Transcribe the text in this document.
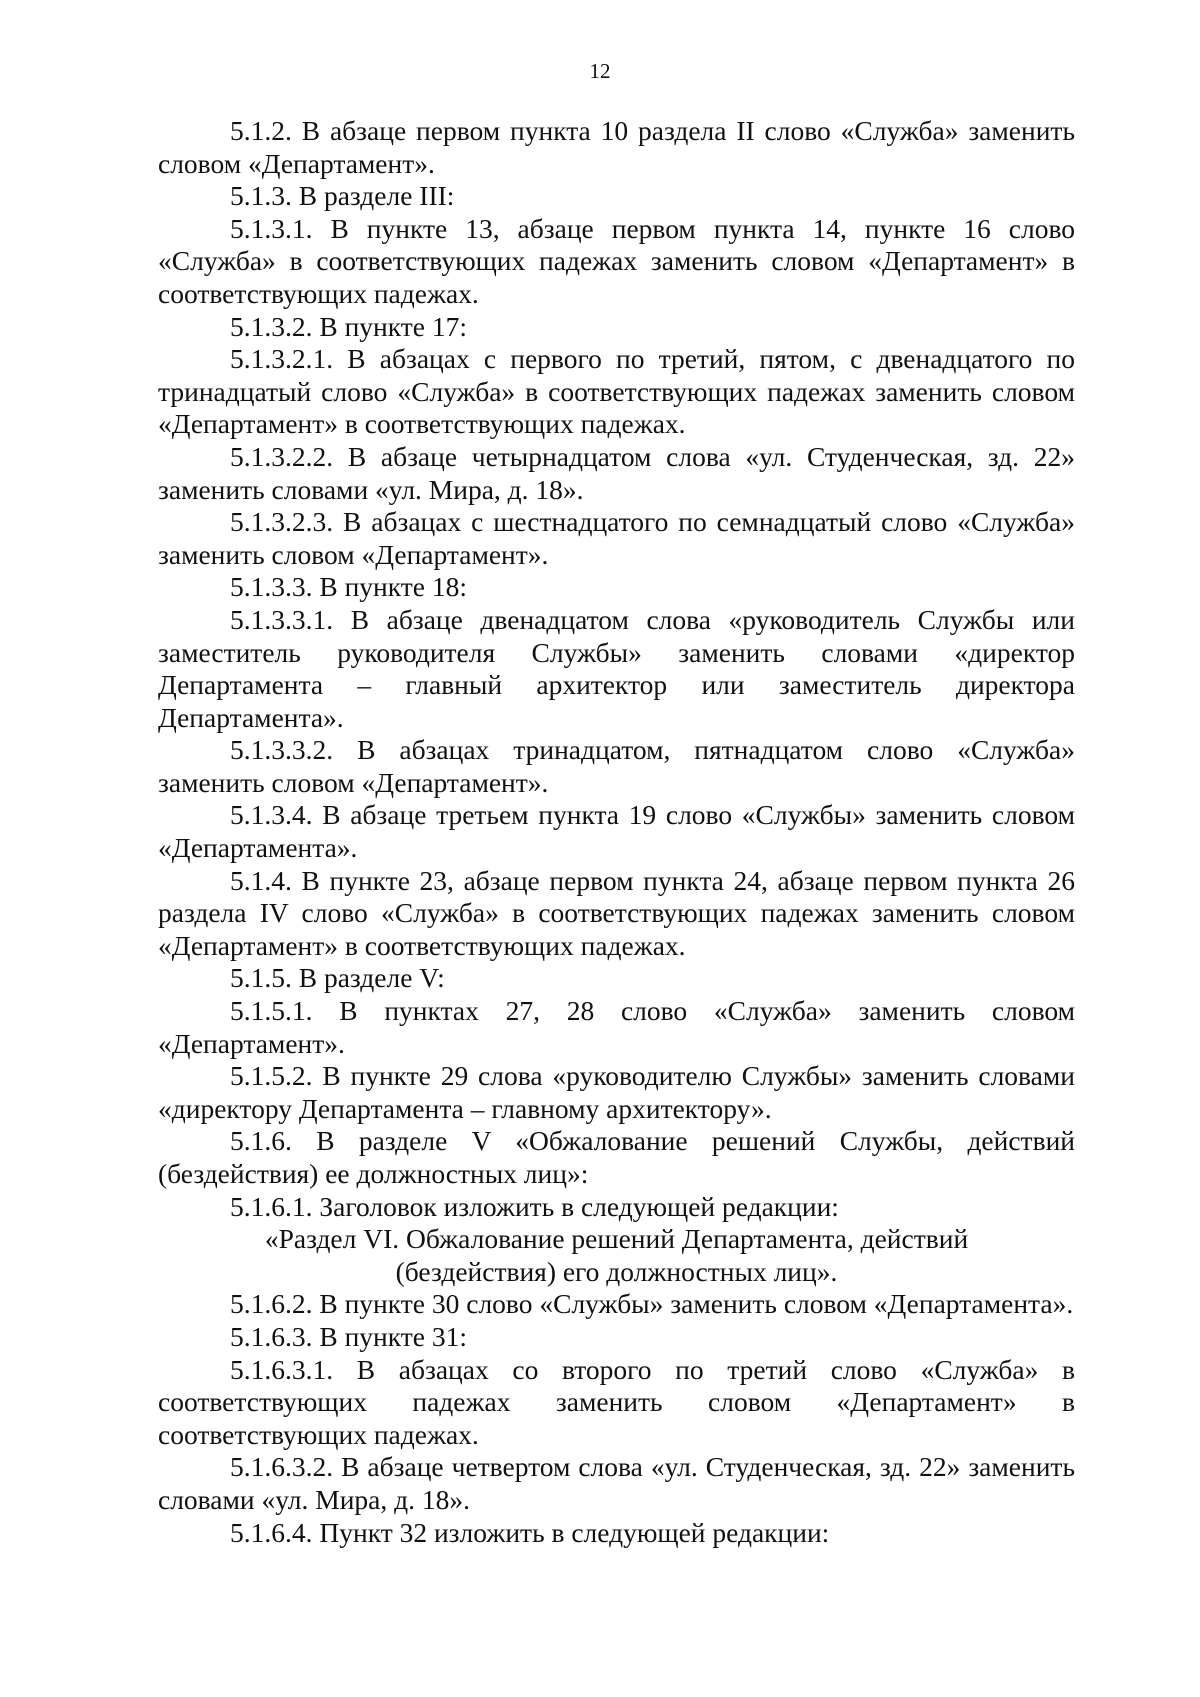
12

5.1.2. В абзаце первом пункта 10 раздела II слово «Служба» заменить словом «Департамент».

5.1.3. В разделе III:

5.1.3.1. В пункте 13, абзаце первом пункта 14, пункте 16 слово «Служба» в соответствующих падежах заменить словом «Департамент» в соответствующих падежах.

5.1.3.2. В пункте 17:

5.1.3.2.1. В абзацах с первого по третий, пятом, с двенадцатого по тринадцатый слово «Служба» в соответствующих падежах заменить словом «Департамент» в соответствующих падежах.

5.1.3.2.2. В абзаце четырнадцатом слова «ул. Студенческая, зд. 22» заменить словами «ул. Мира, д. 18».

5.1.3.2.3. В абзацах с шестнадцатого по семнадцатый слово «Служба» заменить словом «Департамент».

5.1.3.3. В пункте 18:

5.1.3.3.1. В абзаце двенадцатом слова «руководитель Службы или заместитель руководителя Службы» заменить словами «директор Департамента – главный архитектор или заместитель директора Департамента».

5.1.3.3.2. В абзацах тринадцатом, пятнадцатом слово «Служба» заменить словом «Департамент».

5.1.3.4. В абзаце третьем пункта 19 слово «Службы» заменить словом «Департамента».

5.1.4. В пункте 23, абзаце первом пункта 24, абзаце первом пункта 26 раздела IV слово «Служба» в соответствующих падежах заменить словом «Департамент» в соответствующих падежах.

5.1.5. В разделе V:

5.1.5.1. В пунктах 27, 28 слово «Служба» заменить словом «Департамент».

5.1.5.2. В пункте 29 слова «руководителю Службы» заменить словами «директору Департамента – главному архитектору».

5.1.6. В разделе V «Обжалование решений Службы, действий (бездействия) ее должностных лиц»:

5.1.6.1. Заголовок изложить в следующей редакции:

«Раздел VI. Обжалование решений Департамента, действий
(бездействия) его должностных лиц».

5.1.6.2. В пункте 30 слово «Службы» заменить словом «Департамента».

5.1.6.3. В пункте 31:

5.1.6.3.1. В абзацах со второго по третий слово «Служба» в соответствующих падежах заменить словом «Департамент» в соответствующих падежах.

5.1.6.3.2. В абзаце четвертом слова «ул. Студенческая, зд. 22» заменить словами «ул. Мира, д. 18».

5.1.6.4. Пункт 32 изложить в следующей редакции:
